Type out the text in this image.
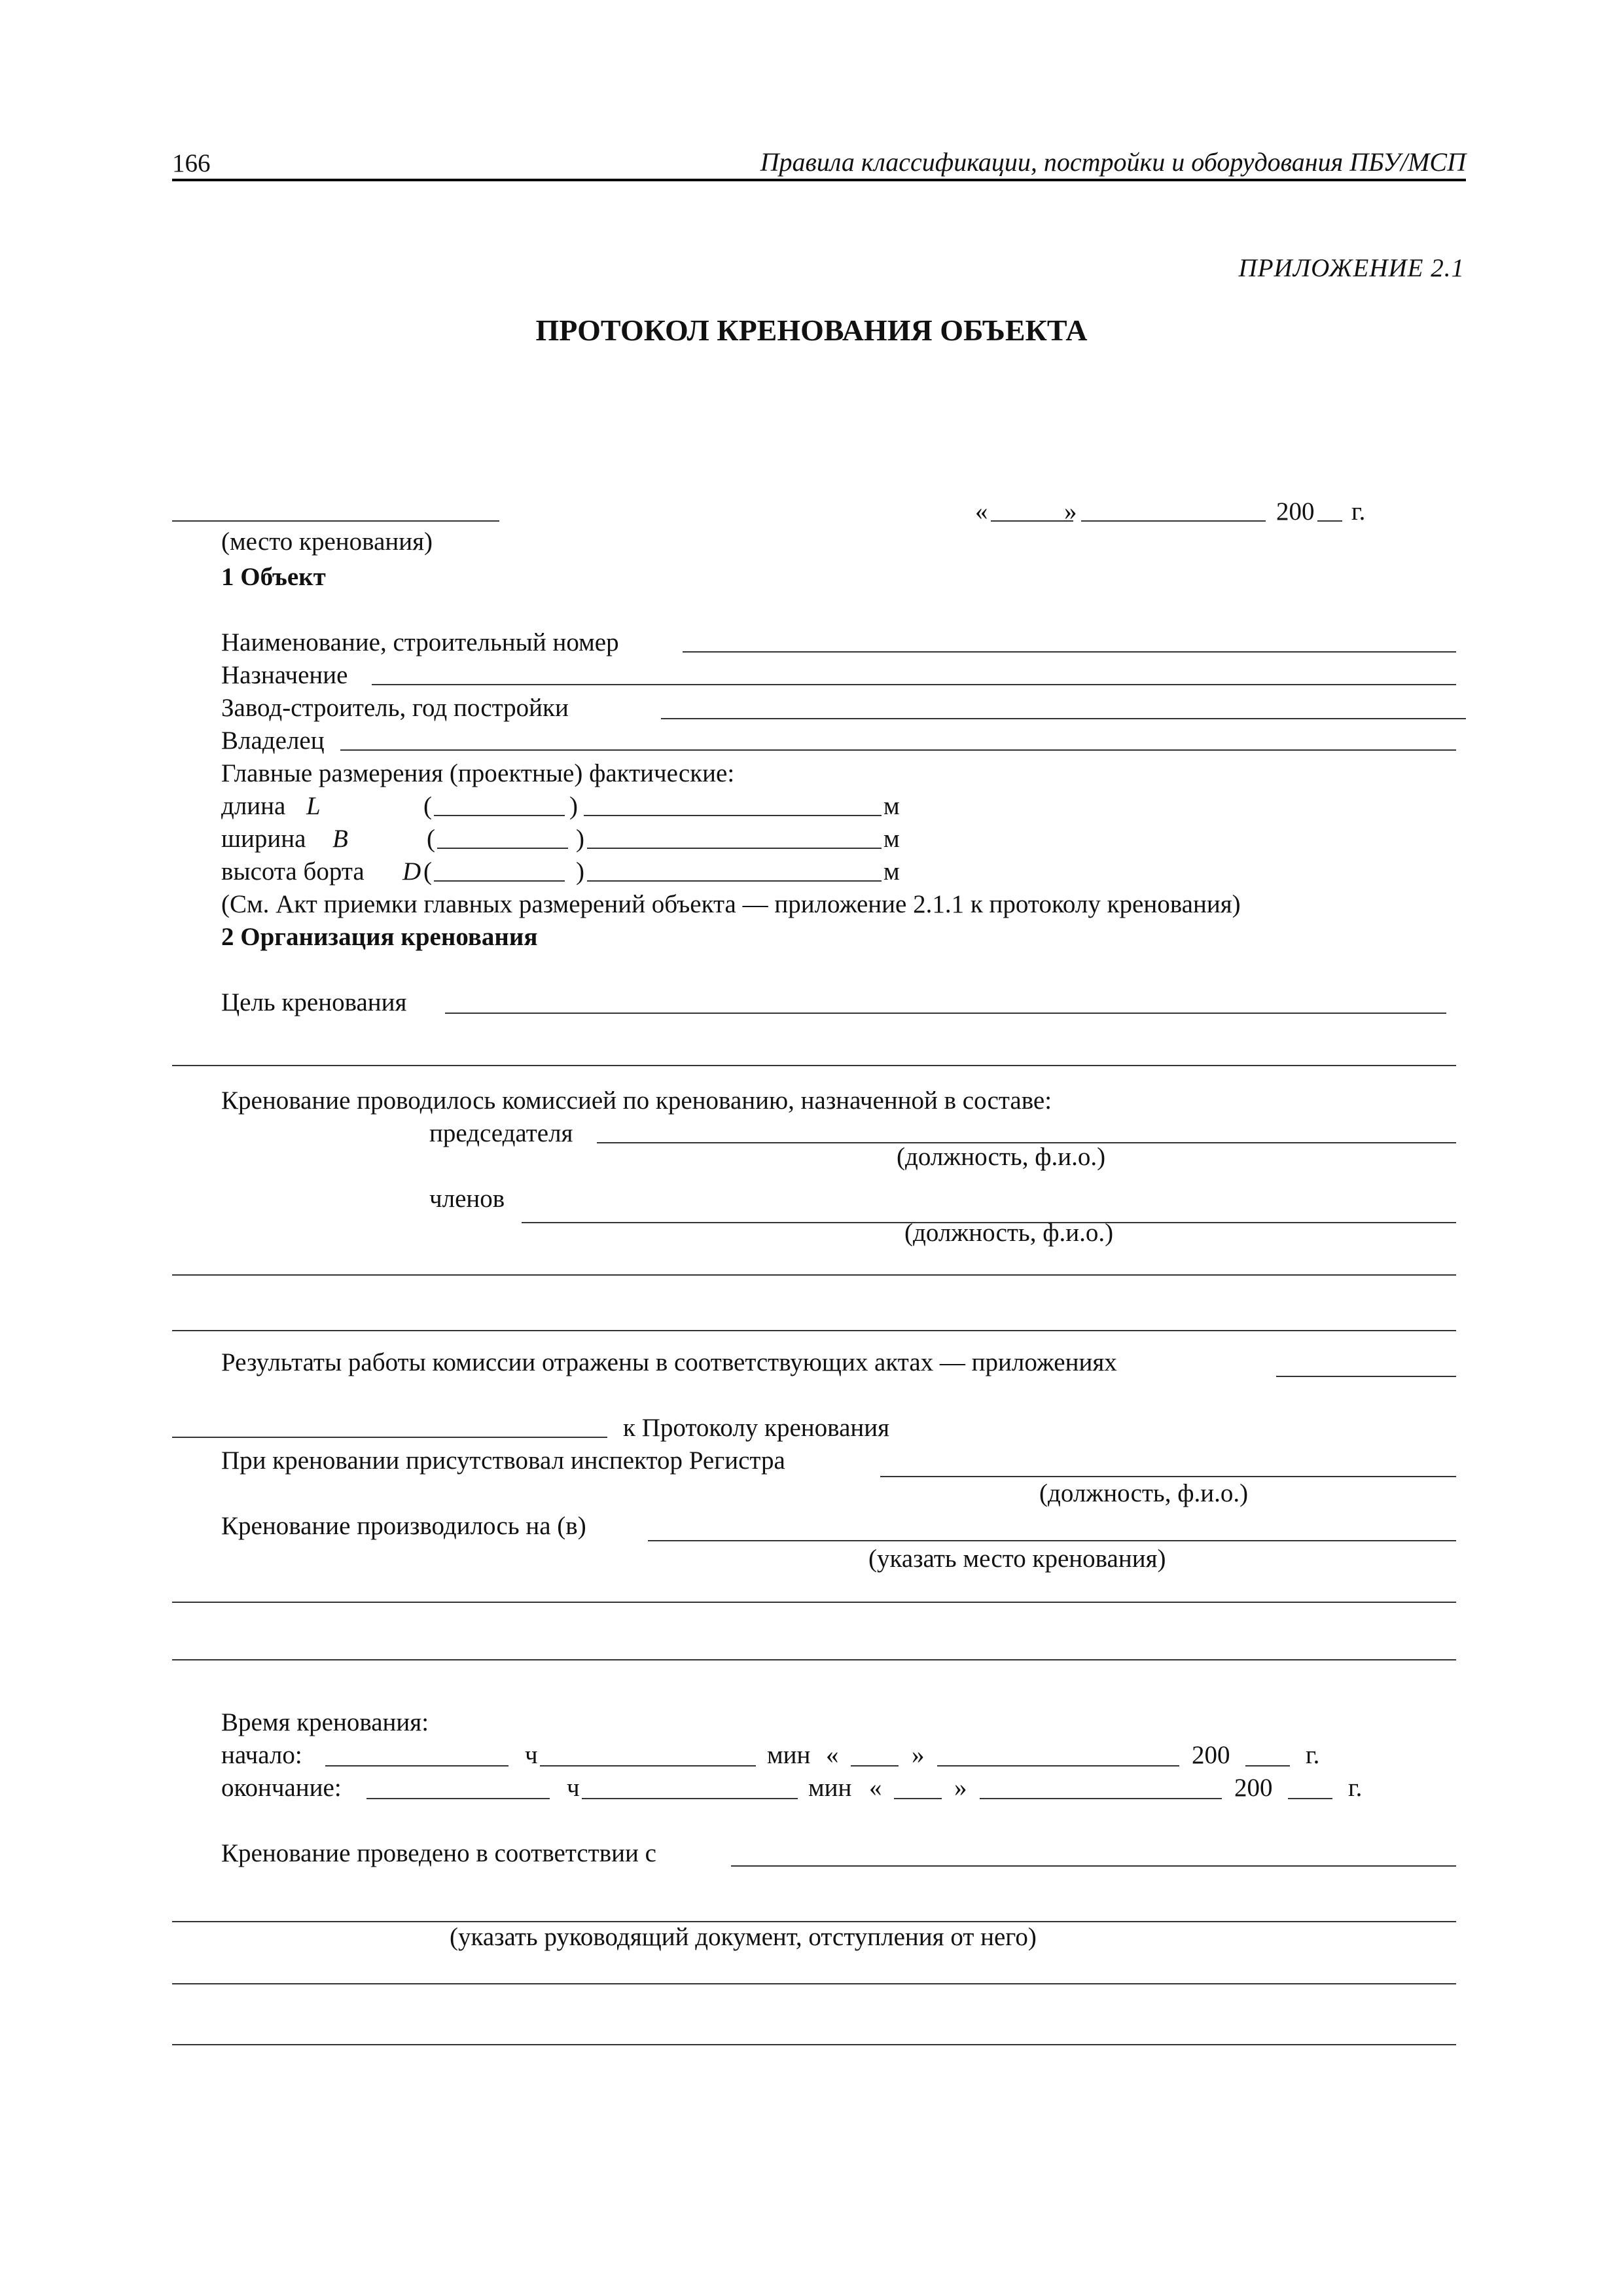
166	Правила классификации, постройки и оборудования ПБУ/МСП
ПРИЛОЖЕНИЕ 2.1
ПРОТОКОЛ КРЕНОВАНИЯ ОБЪЕКТА
«	»	200 г.
(место кренования)
1 Объект
Наименование, строительный номер
Назначение
Завод-строитель, год постройки
Владелец
Главные размерения (проектные) фактические:
длина L	(	)	м
ширина B	(	)	м
высота борта D (	)	м
(См. Акт приемки главных размерений объекта — приложение 2.1.1 к протоколу кренования)
2 Организация кренования
Цель кренования
Кренование проводилось комиссией по кренованию, назначенной в составе:
председателя
(должность, ф.и.о.)
членов
(должность, ф.и.о.)
Результаты работы комиссии отражены в соответствующих актах — приложениях
к Протоколу кренования
При креновании присутствовал инспектор Регистра
(должность, ф.и.о.)
Кренование производилось на (в)
(указать место кренования)
Время кренования:
начало:	ч	мин «	»	200	г.
окончание:	ч	мин «	»	200	г.
Кренование проведено в соответствии с
(указать руководящий документ, отступления от него)
